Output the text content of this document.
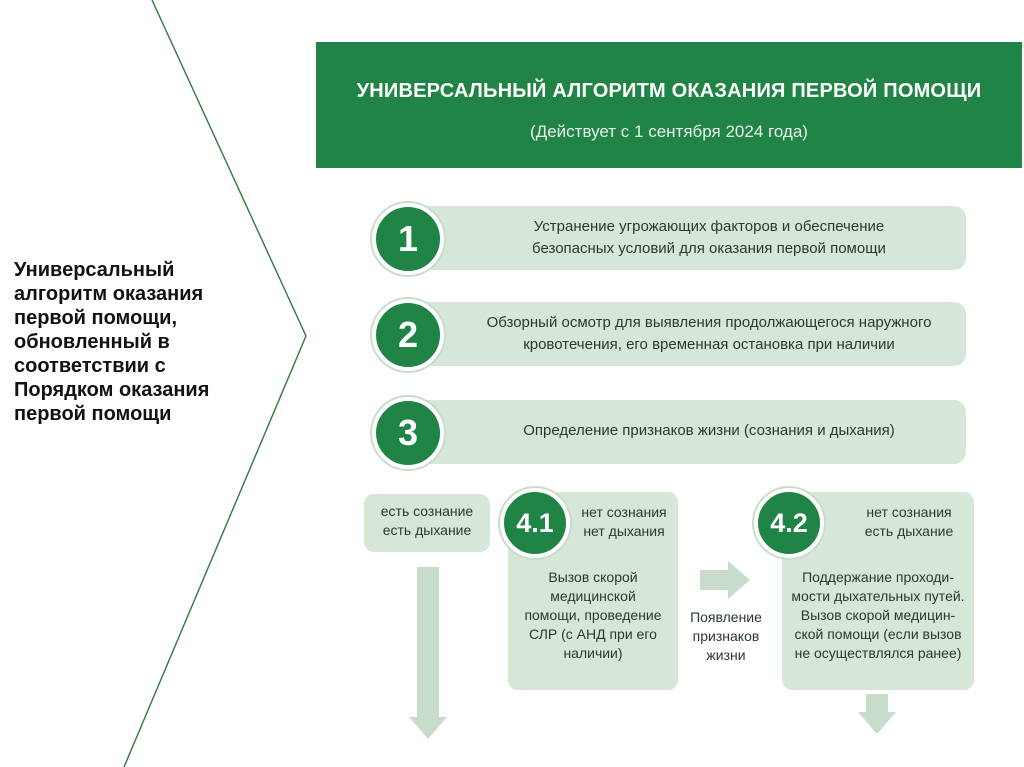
Универсальный
алгоритм оказания
первой помощи,
обновленный в
соответствии с
Порядком оказания
первой помощи
УНИВЕРСАЛЬНЫЙ АЛГОРИТМ ОКАЗАНИЯ ПЕРВОЙ ПОМОЩИ
(Действует с 1 сентября 2024 года)
1	Устранение угрожающих факторов и обеспечение
безопасных условий для оказания первой помощи
2	Обзорный осмотр для выявления продолжающегося наружного
кровотечения, его временная остановка при наличии
3	Определение признаков жизни (сознания и дыхания)
есть сознание
есть дыхание
нет сознания
нет дыхания
Вызов скорой
медицинской
помощи, проведение
СЛР (с АНД при его
наличии)
4.1
Появление
признаков
жизни
нет сознания
есть дыхание
Поддержание проходи-
мости дыхательных путей.
Вызов скорой медицин-
ской помощи (если вызов
не осуществлялся ранее)
4.2
